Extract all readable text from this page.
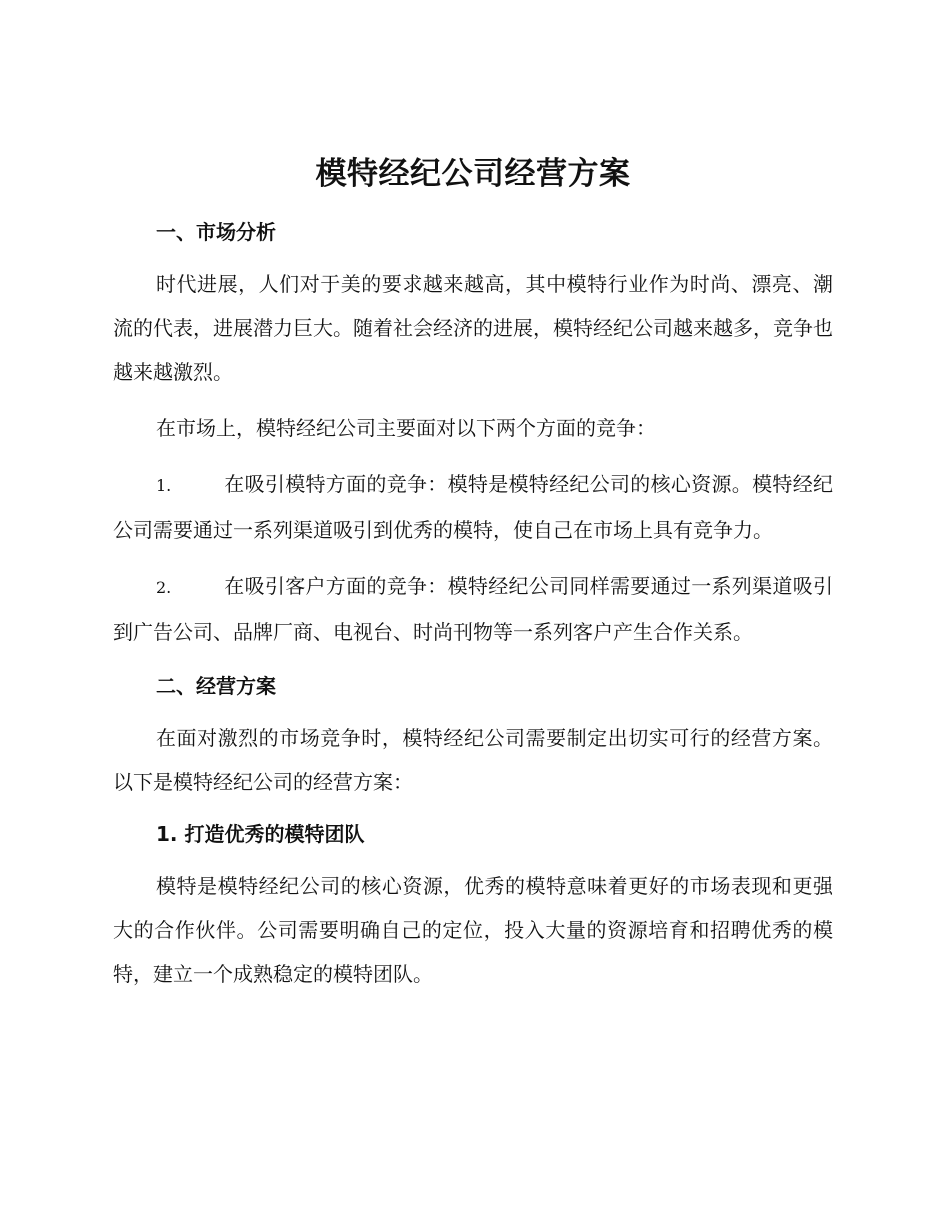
模特经纪公司经营方案
一、市场分析

时代进展，人们对于美的要求越来越高，其中模特行业作为时尚、漂亮、潮流的代表，进展潜力巨大。随着社会经济的进展，模特经纪公司越来越多，竞争也越来越激烈。

在市场上，模特经纪公司主要面对以下两个方面的竞争：

1.	在吸引模特方面的竞争：模特是模特经纪公司的核心资源。模特经纪公司需要通过一系列渠道吸引到优秀的模特，使自己在市场上具有竞争力。

2.	在吸引客户方面的竞争：模特经纪公司同样需要通过一系列渠道吸引到广告公司、品牌厂商、电视台、时尚刊物等一系列客户产生合作关系。

二、经营方案

在面对激烈的市场竞争时，模特经纪公司需要制定出切实可行的经营方案。以下是模特经纪公司的经营方案：

1. 打造优秀的模特团队

模特是模特经纪公司的核心资源，优秀的模特意味着更好的市场表现和更强大的合作伙伴。公司需要明确自己的定位，投入大量的资源培育和招聘优秀的模特，建立一个成熟稳定的模特团队。
